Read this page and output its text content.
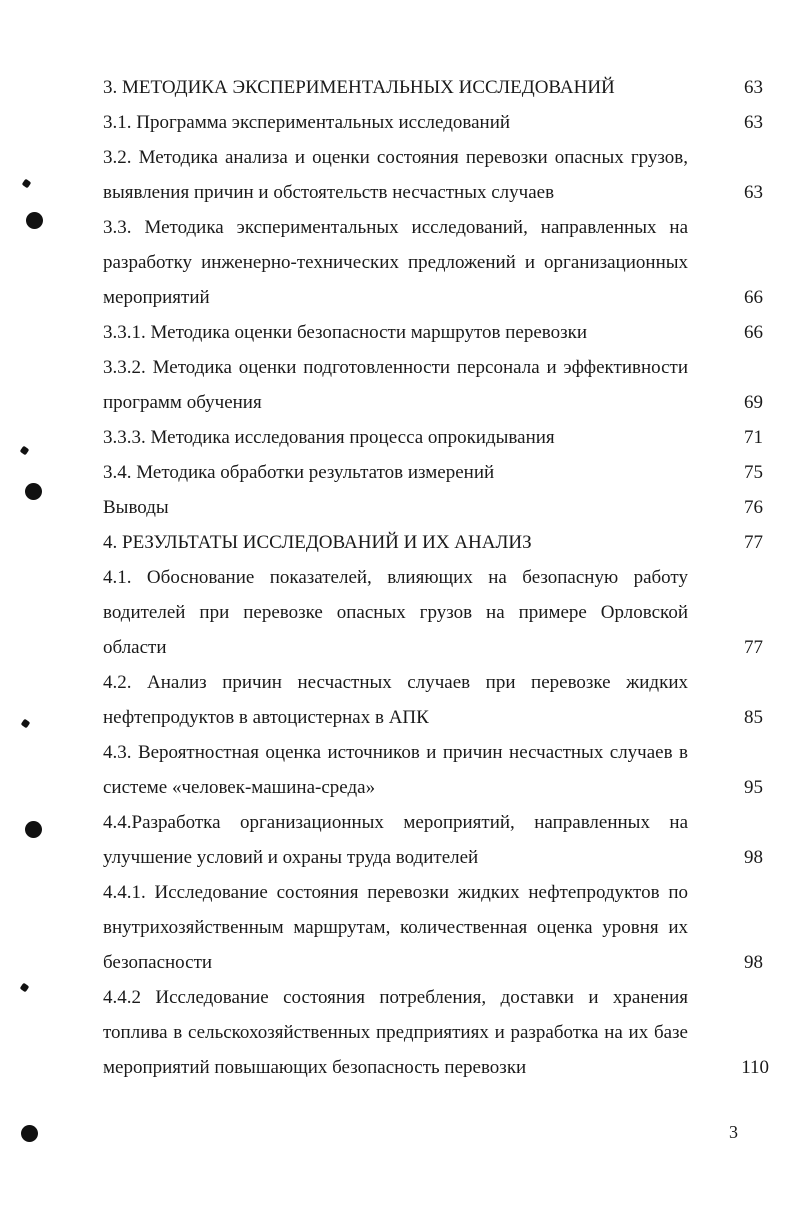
3. МЕТОДИКА ЭКСПЕРИМЕНТАЛЬНЫХ ИССЛЕДОВАНИЙ	63
3.1. Программа экспериментальных исследований	63
3.2. Методика анализа и оценки состояния перевозки опасных грузов, выявления причин и обстоятельств несчастных случаев	63
3.3. Методика экспериментальных исследований, направленных на разработку инженерно-технических предложений и организационных мероприятий	66
3.3.1. Методика оценки безопасности маршрутов перевозки	66
3.3.2. Методика оценки подготовленности персонала и эффективности программ обучения	69
3.3.3. Методика исследования процесса опрокидывания	71
3.4. Методика обработки результатов измерений	75
Выводы	76
4. РЕЗУЛЬТАТЫ ИССЛЕДОВАНИЙ И ИХ АНАЛИЗ	77
4.1. Обоснование показателей, влияющих на безопасную работу водителей при перевозке опасных грузов на примере Орловской области	77
4.2. Анализ причин несчастных случаев при перевозке жидких нефтепродуктов в автоцистернах в АПК	85
4.3. Вероятностная оценка источников и причин несчастных случаев в системе «человек-машина-среда»	95
4.4.Разработка организационных мероприятий, направленных на улучшение условий и охраны труда водителей	98
4.4.1. Исследование состояния перевозки жидких нефтепродуктов по внутрихозяйственным маршрутам, количественная оценка уровня их безопасности	98
4.4.2 Исследование состояния потребления, доставки и хранения топлива в сельскохозяйственных предприятиях и разработка на их базе мероприятий повышающих безопасность перевозки	110
3
